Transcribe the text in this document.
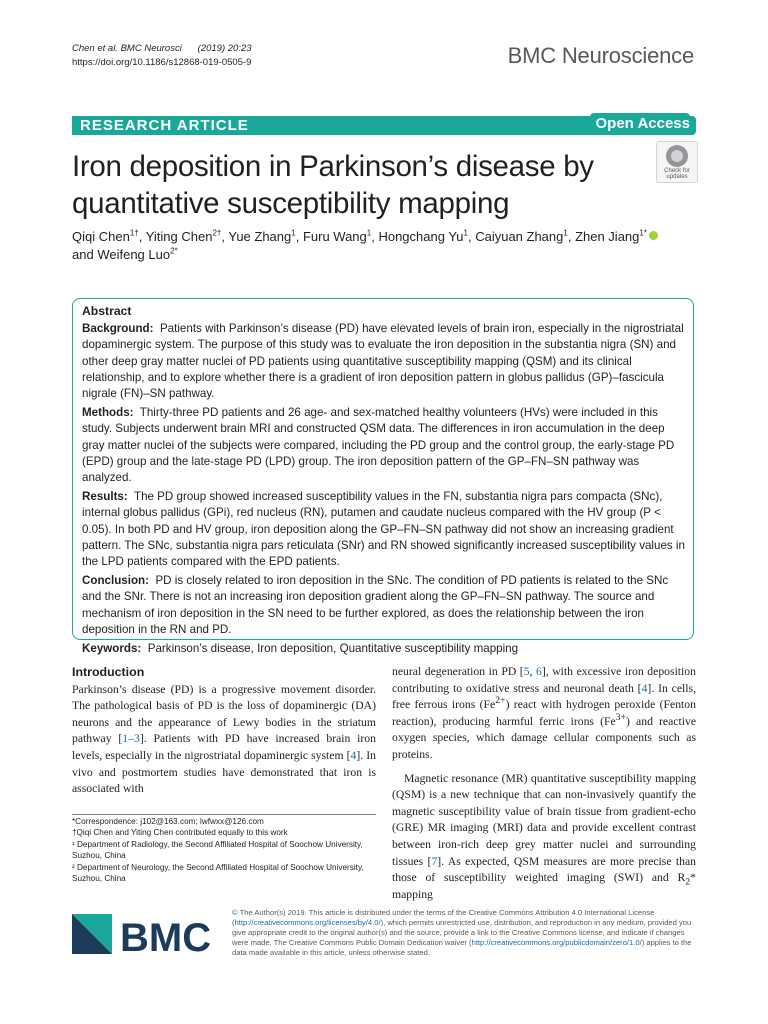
Chen et al. BMC Neurosci (2019) 20:23
https://doi.org/10.1186/s12868-019-0505-9	BMC Neuroscience
RESEARCH ARTICLE	Open Access
Iron deposition in Parkinson’s disease by quantitative susceptibility mapping
Check for updates
Qiqi Chen$^{1\dagger}$, Yiting Chen$^{2\dagger}$, Yue Zhang$^1$, Furu Wang$^1$, Hongchang Yu$^1$, Caiyuan Zhang$^1$, Zhen Jiang$^{1*}$
and Weifeng Luo$^{2*}$
Abstract

Background: Patients with Parkinson’s disease (PD) have elevated levels of brain iron, especially in the nigrostriatal dopaminergic system. The purpose of this study was to evaluate the iron deposition in the substantia nigra (SN) and other deep gray matter nuclei of PD patients using quantitative susceptibility mapping (QSM) and its clinical relationship, and to explore whether there is a gradient of iron deposition pattern in globus pallidus (GP)–fascicula nigrale (FN)–SN pathway.

Methods: Thirty-three PD patients and 26 age- and sex-matched healthy volunteers (HVs) were included in this study. Subjects underwent brain MRI and constructed QSM data. The differences in iron accumulation in the deep gray matter nuclei of the subjects were compared, including the PD group and the control group, the early-stage PD (EPD) group and the late-stage PD (LPD) group. The iron deposition pattern of the GP–FN–SN pathway was analyzed.

Results: The PD group showed increased susceptibility values in the FN, substantia nigra pars compacta (SNc), internal globus pallidus (GPi), red nucleus (RN), putamen and caudate nucleus compared with the HV group (P < 0.05). In both PD and HV group, iron deposition along the GP–FN–SN pathway did not show an increasing gradient pattern. The SNc, substantia nigra pars reticulata (SNr) and RN showed significantly increased susceptibility values in the LPD patients compared with the EPD patients.

Conclusion: PD is closely related to iron deposition in the SNc. The condition of PD patients is related to the SNc and the SNr. There is not an increasing iron deposition gradient along the GP–FN–SN pathway. The source and mechanism of iron deposition in the SN need to be further explored, as does the relationship between the iron deposition in the RN and PD.

Keywords: Parkinson’s disease, Iron deposition, Quantitative susceptibility mapping

Introduction

Parkinson’s disease (PD) is a progressive movement disorder. The pathological basis of PD is the loss of dopaminergic (DA) neurons and the appearance of Lewy bodies in the striatum pathway [1–3]. Patients with PD have increased brain iron levels, especially in the nigrostriatal dopaminergic system [4]. In vivo and postmortem studies have demonstrated that iron is associated with

neural degeneration in PD [5, 6], with excessive iron deposition contributing to oxidative stress and neuronal death [4]. In cells, free ferrous irons $(Fe^{2+})$ react with hydrogen peroxide (Fenton reaction), producing harmful ferric irons $(Fe^{3+})$ and reactive oxygen species, which damage cellular components such as proteins.

Magnetic resonance (MR) quantitative susceptibility mapping (QSM) is a new technique that can non-invasively quantify the magnetic susceptibility value of brain tissue from gradient-echo (GRE) MR imaging (MRI) data and provide excellent contrast between iron-rich deep grey matter nuclei and surrounding tissues [7]. As expected, QSM measures are more precise than those of susceptibility weighted imaging (SWI) and $R_2*$ mapping

*Correspondence: j102@163.com; lwfwxx@126.com
†Qiqi Chen and Yiting Chen contributed equally to this work
¹ Department of Radiology, the Second Affiliated Hospital of Soochow University, Suzhou, China
² Department of Neurology, the Second Affiliated Hospital of Soochow University, Suzhou, China
BMC
© The Author(s) 2019. This article is distributed under the terms of the Creative Commons Attribution 4.0 International License (http://creativecommons.org/licenses/by/4.0/), which permits unrestricted use, distribution, and reproduction in any medium, provided you give appropriate credit to the original author(s) and the source, provide a link to the Creative Commons license, and indicate if changes were made. The Creative Commons Public Domain Dedication waiver (http://creativecommons.org/publicdomain/zero/1.0/) applies to the data made available in this article, unless otherwise stated.
